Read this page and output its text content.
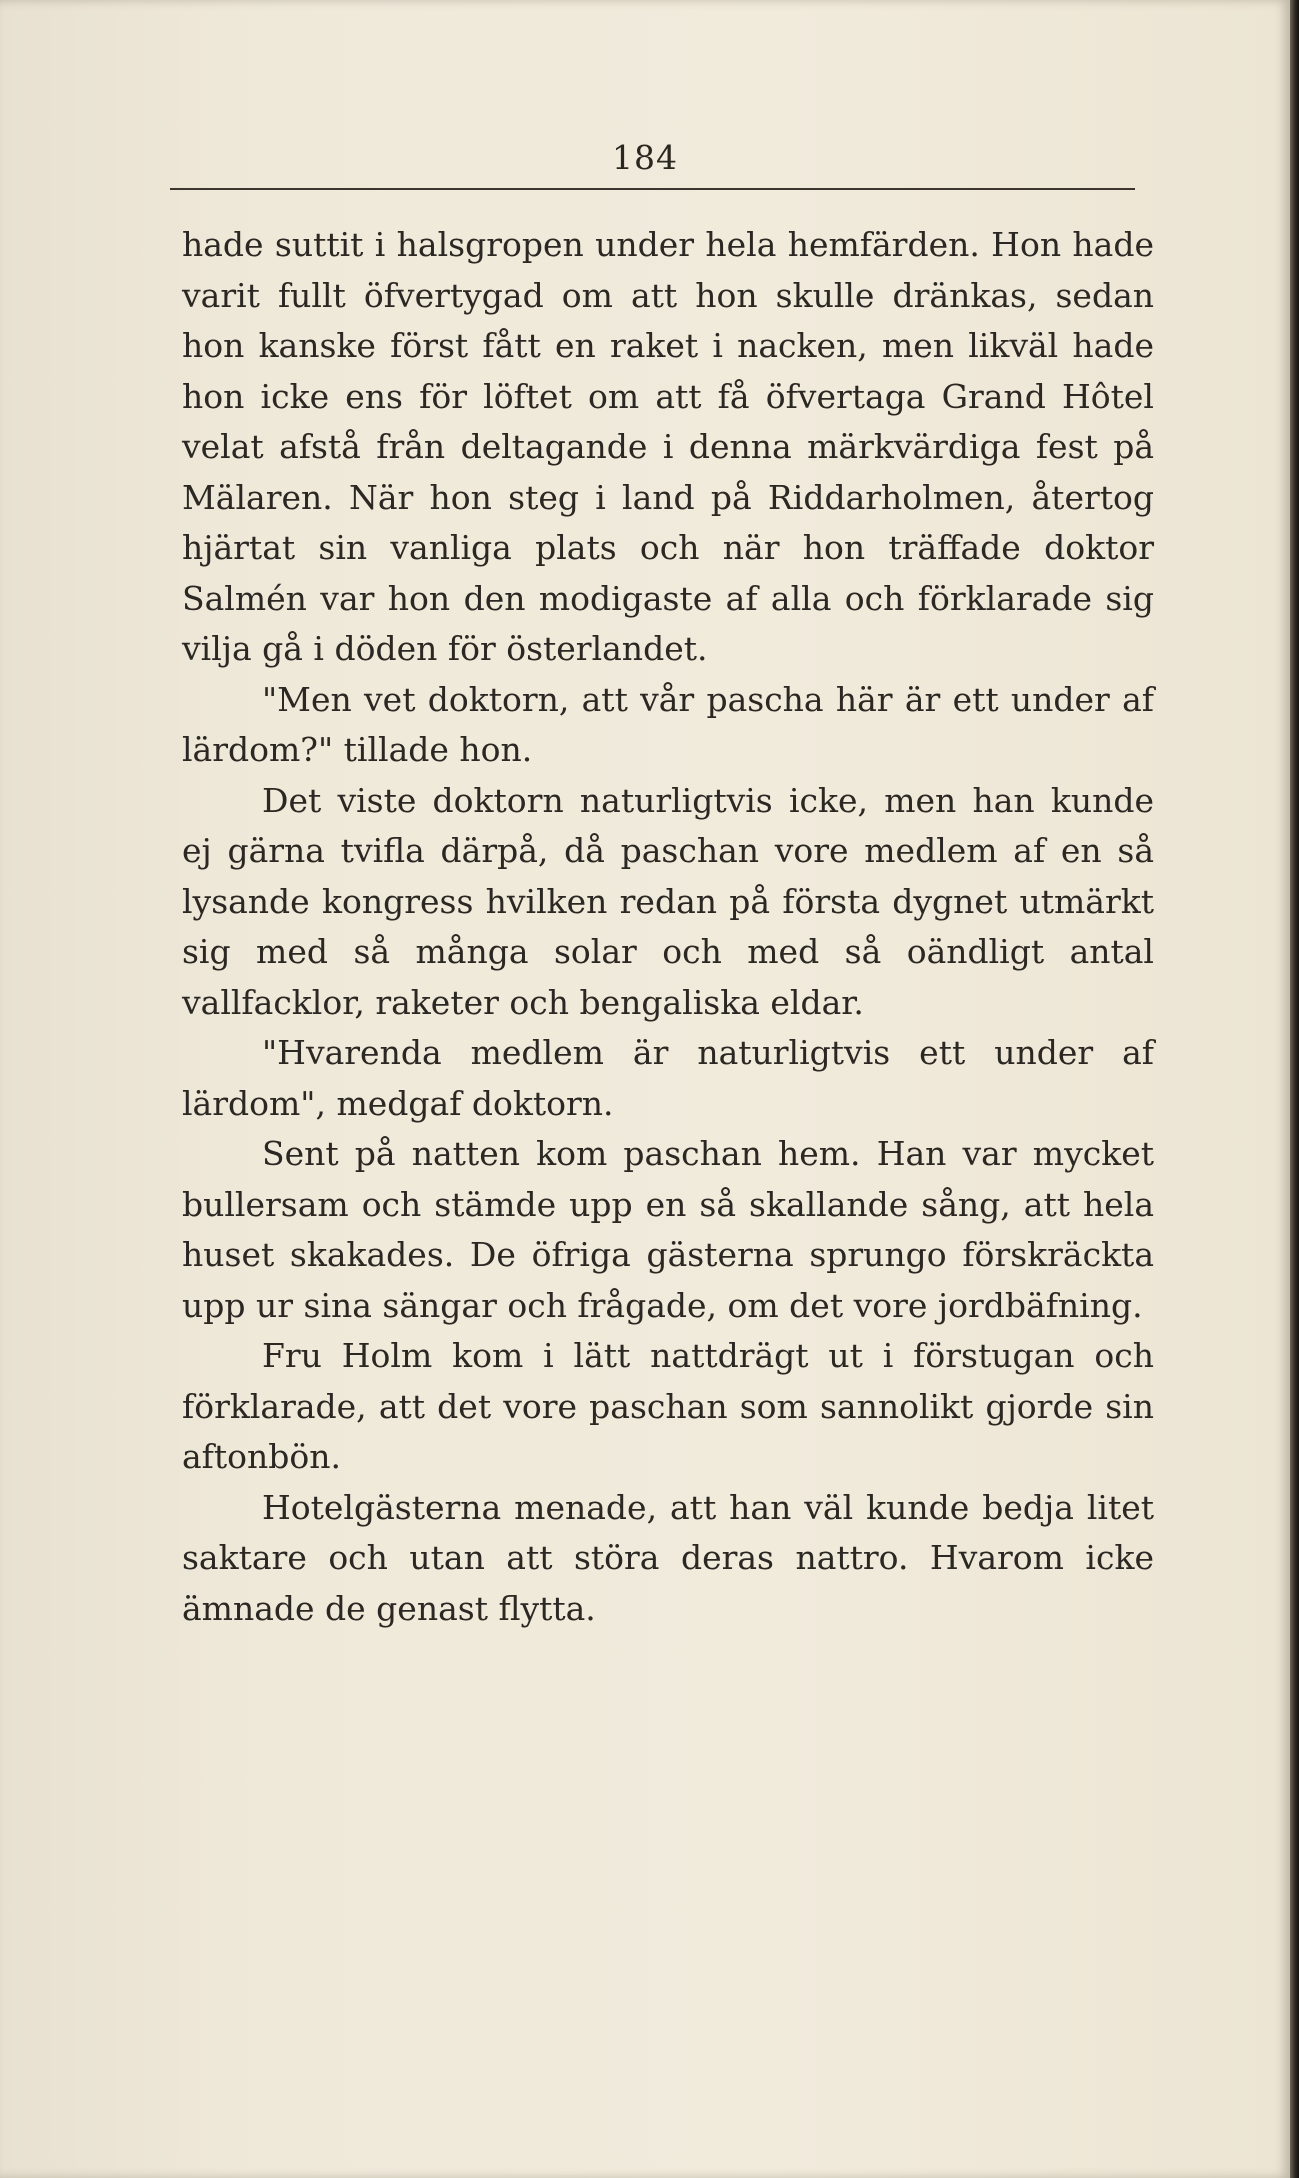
184

hade suttit i halsgropen under hela hemfärden. Hon hade varit fullt öfvertygad om att hon skulle dränkas, sedan hon kanske först fått en raket i nacken, men likväl hade hon icke ens för löftet om att få öfvertaga Grand Hôtel velat afstå från deltagande i denna märkvärdiga fest på Mälaren. När hon steg i land på Riddarholmen, återtog hjärtat sin vanliga plats och när hon träffade doktor Salmén var hon den modigaste af alla och förklarade sig vilja gå i döden för österlandet.

"Men vet doktorn, att vår pascha här är ett under af lärdom?" tillade hon.

Det viste doktorn naturligtvis icke, men han kunde ej gärna tvifla därpå, då paschan vore medlem af en så lysande kongress hvilken redan på första dygnet utmärkt sig med så många solar och med så oändligt antal vallfacklor, raketer och bengaliska eldar.

"Hvarenda medlem är naturligtvis ett under af lärdom", medgaf doktorn.

Sent på natten kom paschan hem. Han var mycket bullersam och stämde upp en så skallande sång, att hela huset skakades. De öfriga gästerna sprungo förskräckta upp ur sina sängar och frågade, om det vore jordbäfning.

Fru Holm kom i lätt nattdrägt ut i förstugan och förklarade, att det vore paschan som sannolikt gjorde sin aftonbön.

Hotelgästerna menade, att han väl kunde bedja litet saktare och utan att störa deras nattro. Hvarom icke ämnade de genast flytta.
